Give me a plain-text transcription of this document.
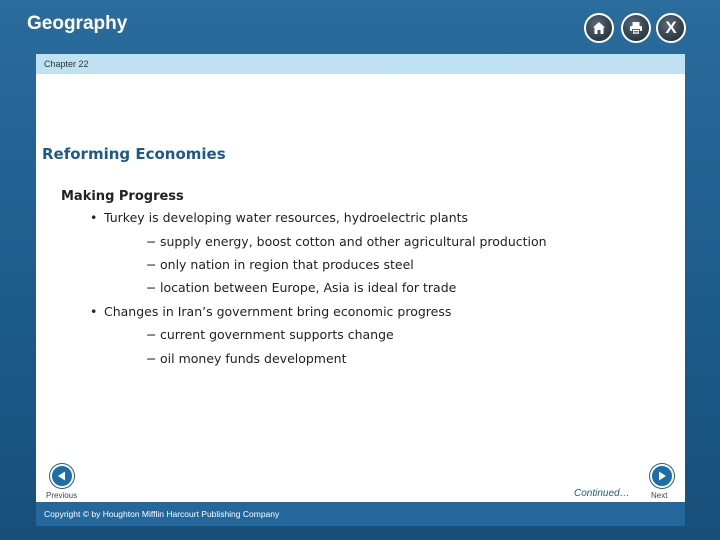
Geography	X
Chapter 22
Reforming Economies
Making Progress
• Turkey is developing water resources, hydroelectric plants
− supply energy, boost cotton and other agricultural production
− only nation in region that produces steel
− location between Europe, Asia is ideal for trade
• Changes in Iran’s government bring economic progress
− current government supports change
− oil money funds development
Previous	Continued…	Next
Copyright © by Houghton Mifflin Harcourt Publishing Company
